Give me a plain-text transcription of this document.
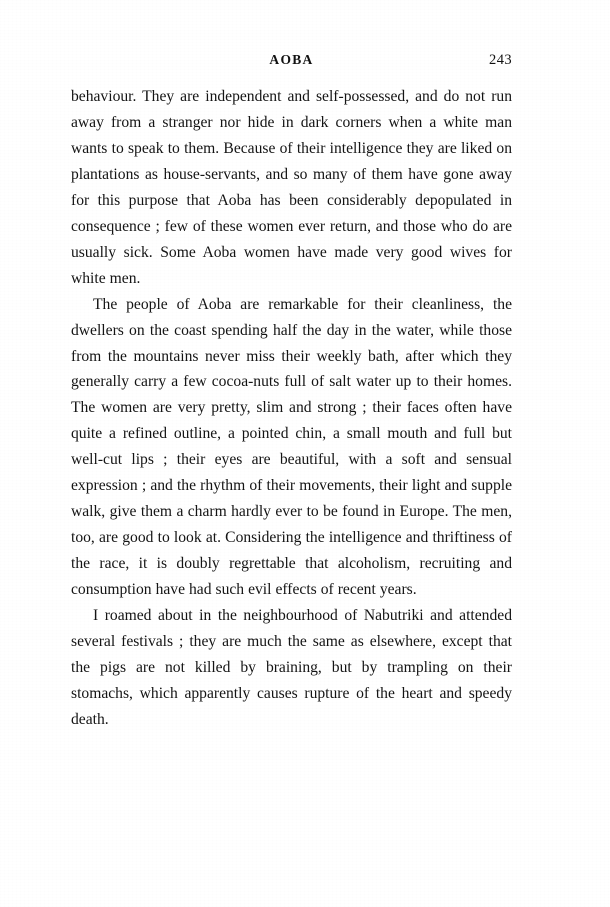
AOBA	243

behaviour. They are independent and self-possessed, and do not run away from a stranger nor hide in dark corners when a white man wants to speak to them. Because of their intelligence they are liked on plantations as house-servants, and so many of them have gone away for this purpose that Aoba has been considerably depopulated in consequence ; few of these women ever return, and those who do are usually sick. Some Aoba women have made very good wives for white men.

The people of Aoba are remarkable for their cleanliness, the dwellers on the coast spending half the day in the water, while those from the mountains never miss their weekly bath, after which they generally carry a few cocoa-nuts full of salt water up to their homes. The women are very pretty, slim and strong ; their faces often have quite a refined outline, a pointed chin, a small mouth and full but well-cut lips ; their eyes are beautiful, with a soft and sensual expression ; and the rhythm of their movements, their light and supple walk, give them a charm hardly ever to be found in Europe. The men, too, are good to look at. Considering the intelligence and thriftiness of the race, it is doubly regrettable that alcoholism, recruiting and consumption have had such evil effects of recent years.

I roamed about in the neighbourhood of Nabutriki and attended several festivals ; they are much the same as elsewhere, except that the pigs are not killed by braining, but by trampling on their stomachs, which apparently causes rupture of the heart and speedy death.
